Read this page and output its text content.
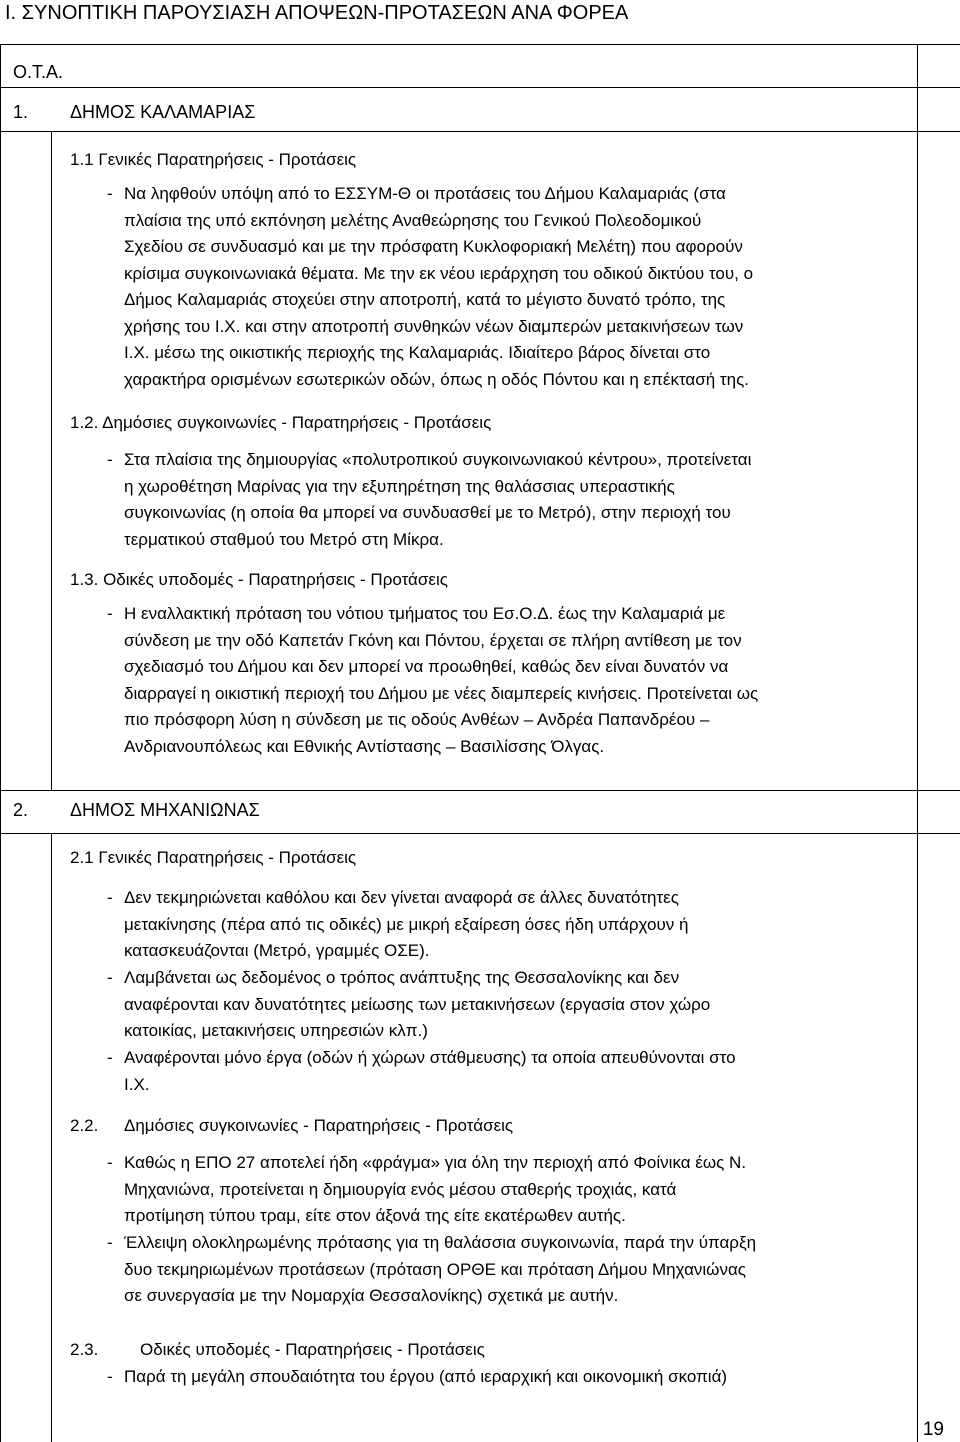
I. ΣΥΝΟΠΤΙΚΗ ΠΑΡΟΥΣΙΑΣΗ ΑΠΟΨΕΩΝ-ΠΡΟΤΑΣΕΩΝ ΑΝΑ ΦΟΡΕΑ
Ο.Τ.Α.
1. ΔΗΜΟΣ ΚΑΛΑΜΑΡΙΑΣ
1.1 Γενικές Παρατηρήσεις - Προτάσεις
- Να ληφθούν υπόψη από το ΕΣΣΥΜ-Θ οι προτάσεις του Δήμου Καλαμαριάς (στα
πλαίσια της υπό εκπόνηση μελέτης Αναθεώρησης του Γενικού Πολεοδομικού
Σχεδίου σε συνδυασμό και με την πρόσφατη Κυκλοφοριακή Μελέτη) που αφορούν
κρίσιμα συγκοινωνιακά θέματα. Με την εκ νέου ιεράρχηση του οδικού δικτύου του, ο
Δήμος Καλαμαριάς στοχεύει στην αποτροπή, κατά το μέγιστο δυνατό τρόπο, της
χρήσης του Ι.Χ. και στην αποτροπή συνθηκών νέων διαμπερών μετακινήσεων των
Ι.Χ. μέσω της οικιστικής περιοχής της Καλαμαριάς. Ιδιαίτερο βάρος δίνεται στο
χαρακτήρα ορισμένων εσωτερικών οδών, όπως η οδός Πόντου και η επέκτασή της.
1.2. Δημόσιες συγκοινωνίες - Παρατηρήσεις - Προτάσεις
- Στα πλαίσια της δημιουργίας «πολυτροπικού συγκοινωνιακού κέντρου», προτείνεται
η χωροθέτηση Μαρίνας για την εξυπηρέτηση της θαλάσσιας υπεραστικής
συγκοινωνίας (η οποία θα μπορεί να συνδυασθεί με το Μετρό), στην περιοχή του
τερματικού σταθμού του Μετρό στη Μίκρα.
1.3. Οδικές υποδομές - Παρατηρήσεις - Προτάσεις
- Η εναλλακτική πρόταση του νότιου τμήματος του Εσ.Ο.Δ. έως την Καλαμαριά με
σύνδεση με την οδό Καπετάν Γκόνη και Πόντου, έρχεται σε πλήρη αντίθεση με τον
σχεδιασμό του Δήμου και δεν μπορεί να προωθηθεί, καθώς δεν είναι δυνατόν να
διαρραγεί η οικιστική περιοχή του Δήμου με νέες διαμπερείς κινήσεις. Προτείνεται ως
πιο πρόσφορη λύση η σύνδεση με τις οδούς Ανθέων – Ανδρέα Παπανδρέου –
Ανδριανουπόλεως και Εθνικής Αντίστασης – Βασιλίσσης Όλγας.
2. ΔΗΜΟΣ ΜΗΧΑΝΙΩΝΑΣ
2.1 Γενικές Παρατηρήσεις - Προτάσεις
- Δεν τεκμηριώνεται καθόλου και δεν γίνεται αναφορά σε άλλες δυνατότητες
μετακίνησης (πέρα από τις οδικές) με μικρή εξαίρεση όσες ήδη υπάρχουν ή
κατασκευάζονται (Μετρό, γραμμές ΟΣΕ).
- Λαμβάνεται ως δεδομένος ο τρόπος ανάπτυξης της Θεσσαλονίκης και δεν
αναφέρονται καν δυνατότητες μείωσης των μετακινήσεων (εργασία στον χώρο
κατοικίας, μετακινήσεις υπηρεσιών κλπ.)
- Αναφέρονται μόνο έργα (οδών ή χώρων στάθμευσης) τα οποία απευθύνονται στο
Ι.Χ.
2.2. Δημόσιες συγκοινωνίες - Παρατηρήσεις - Προτάσεις
- Καθώς η ΕΠΟ 27 αποτελεί ήδη «φράγμα» για όλη την περιοχή από Φοίνικα έως Ν.
Μηχανιώνα, προτείνεται η δημιουργία ενός μέσου σταθερής τροχιάς, κατά
προτίμηση τύπου τραμ, είτε στον άξονά της είτε εκατέρωθεν αυτής.
- Έλλειψη ολοκληρωμένης πρότασης για τη θαλάσσια συγκοινωνία, παρά την ύπαρξη
δυο τεκμηριωμένων προτάσεων (πρόταση ΟΡΘΕ και πρόταση Δήμου Μηχανιώνας
σε συνεργασία με την Νομαρχία Θεσσαλονίκης) σχετικά με αυτήν.
2.3. Οδικές υποδομές - Παρατηρήσεις - Προτάσεις
- Παρά τη μεγάλη σπουδαιότητα του έργου (από ιεραρχική και οικονομική σκοπιά)
19
